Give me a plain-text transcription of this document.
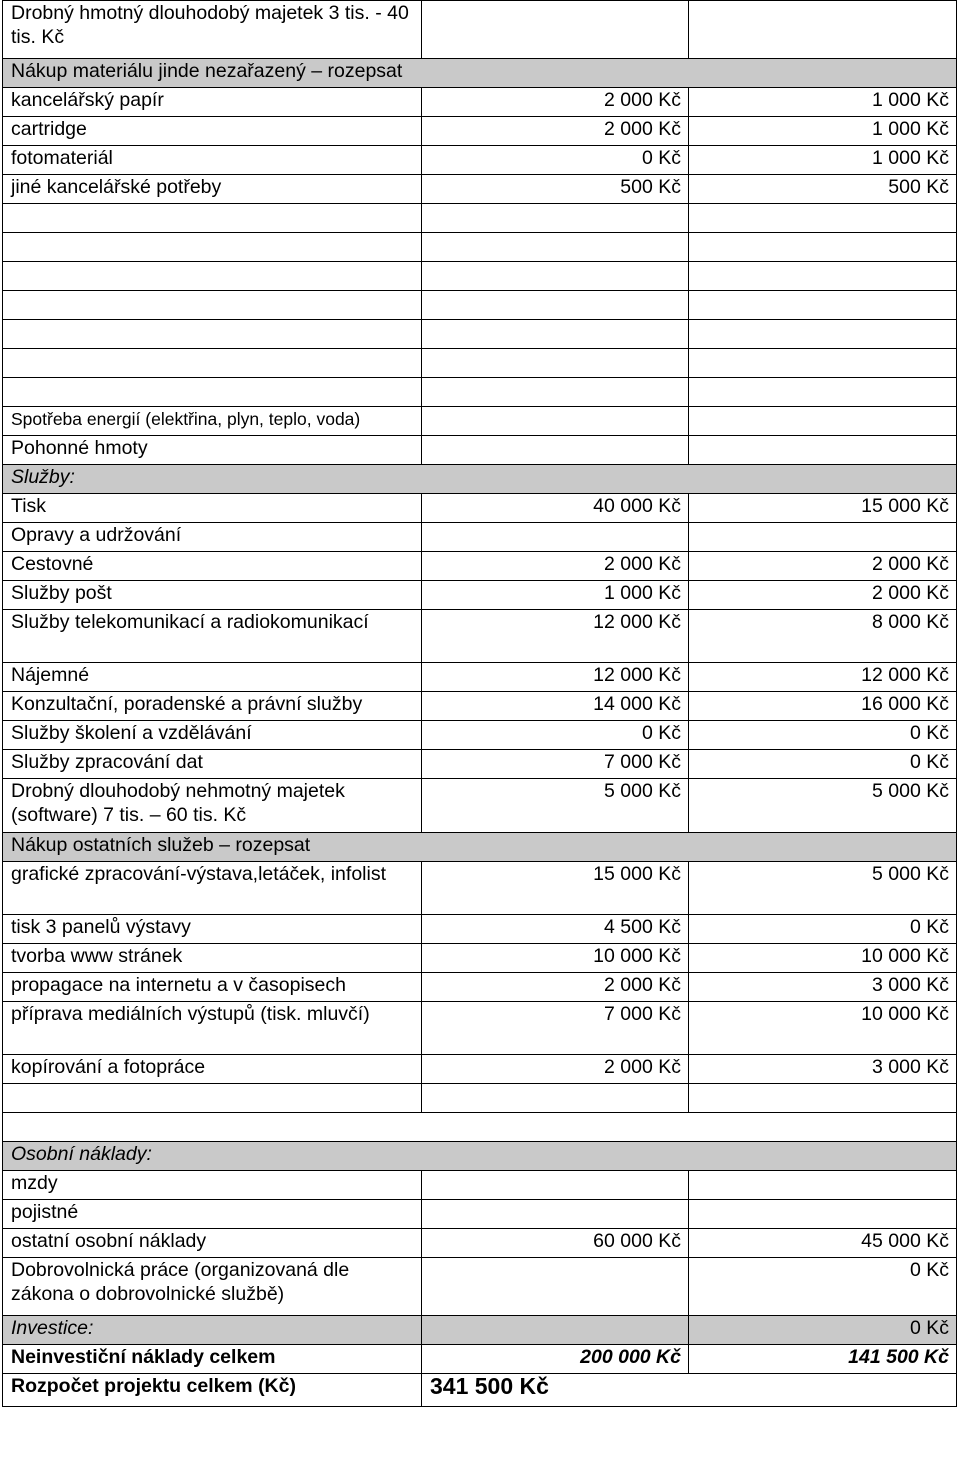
Drobný hmotný dlouhodobý majetek 3 tis. - 40 tis. Kč		
Nákup materiálu jinde nezařazený – rozepsat		
kancelářský papír	2 000 Kč	1 000 Kč
cartridge	2 000 Kč	1 000 Kč
fotomateriál	0 Kč	1 000 Kč
jiné kancelářské potřeby	500 Kč	500 Kč

Spotřeba energií (elektřina, plyn, teplo, voda)		
Pohonné hmoty		
Služby:		
Tisk	40 000 Kč	15 000 Kč
Opravy a udržování		
Cestovné	2 000 Kč	2 000 Kč
Služby pošt	1 000 Kč	2 000 Kč
Služby telekomunikací a radiokomunikací	12 000 Kč	8 000 Kč
Nájemné	12 000 Kč	12 000 Kč
Konzultační, poradenské a právní služby	14 000 Kč	16 000 Kč
Služby školení a vzdělávání	0 Kč	0 Kč
Služby zpracování dat	7 000 Kč	0 Kč
Drobný dlouhodobý nehmotný majetek (software) 7 tis. – 60 tis. Kč	5 000 Kč	5 000 Kč
Nákup ostatních služeb – rozepsat		
grafické zpracování-výstava,letáček, infolist	15 000 Kč	5 000 Kč
tisk 3 panelů výstavy	4 500 Kč	0 Kč
tvorba www stránek	10 000 Kč	10 000 Kč
propagace na internetu a v časopisech	2 000 Kč	3 000 Kč
příprava mediálních výstupů (tisk. mluvčí)	7 000 Kč	10 000 Kč
kopírování a fotopráce	2 000 Kč	3 000 Kč

Osobní náklady:		
mzdy		
pojistné		
ostatní osobní náklady	60 000 Kč	45 000 Kč
Dobrovolnická práce (organizovaná dle zákona o dobrovolnické službě)		0 Kč
Investice:		0 Kč
Neinvestiční náklady celkem	200 000 Kč	141 500 Kč
Rozpočet projektu celkem (Kč)	341 500 Kč	
